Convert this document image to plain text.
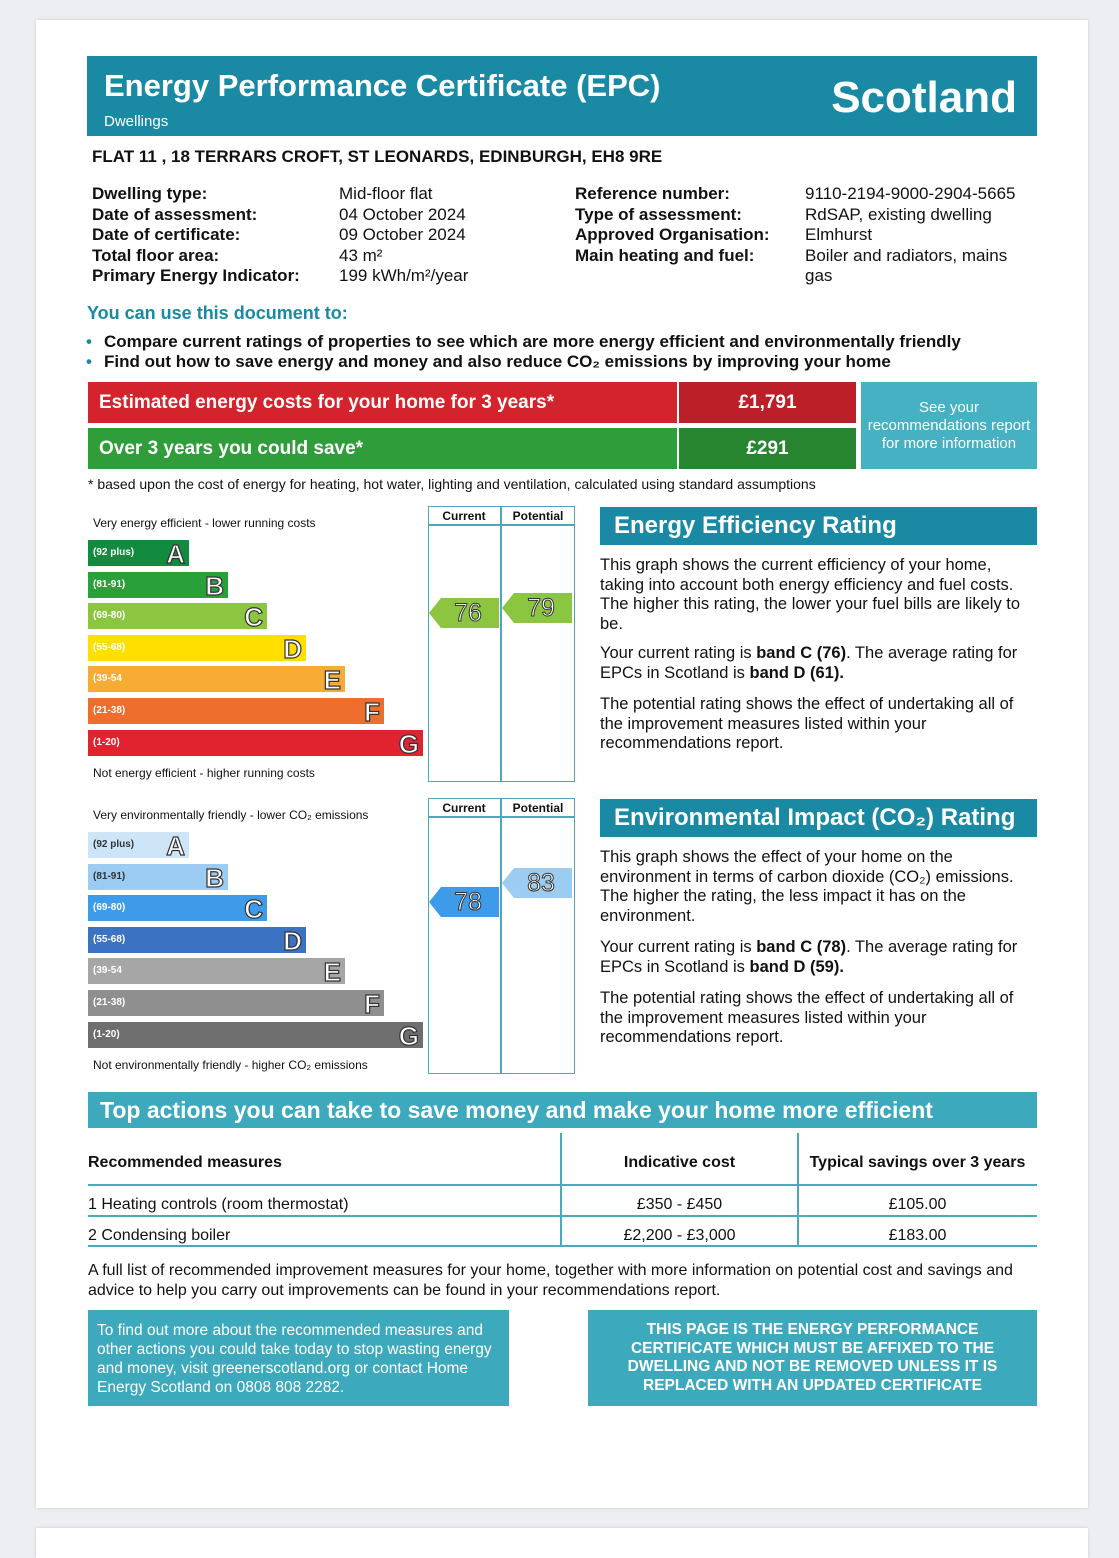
Energy Performance Certificate (EPC)
Dwellings	Scotland
FLAT 11 , 18 TERRARS CROFT, ST LEONARDS, EDINBURGH, EH8 9RE
Dwelling type:	Mid-floor flat
Date of assessment:	04 October 2024
Date of certificate:	09 October 2024
Total floor area:	43 m²
Primary Energy Indicator:	199 kWh/m²/year
Reference number:	9110-2194-9000-2904-5665
Type of assessment:	RdSAP, existing dwelling
Approved Organisation:	Elmhurst
Main heating and fuel:	Boiler and radiators, mains
gas
You can use this document to:
• Compare current ratings of properties to see which are more energy efficient and environmentally friendly
• Find out how to save energy and money and also reduce CO₂ emissions by improving your home
Estimated energy costs for your home for 3 years*	£1,791
Over 3 years you could save*	£291
See your recommendations report for more information
* based upon the cost of energy for heating, hot water, lighting and ventilation, calculated using standard assumptions
Current	Potential
Very energy efficient - lower running costs
Not energy efficient - higher running costs
(92 plus) A
(81-91)	B
(69-80)	C
(55-68)	D
(39-54	E
(21-38)	F
(1-20)	G
76	79
Current	Potential
Very environmentally friendly - lower CO₂ emissions
Not environmentally friendly - higher CO₂ emissions
(92 plus) A
(81-91)	B
(69-80)	C
(55-68)	D
(39-54	E
(21-38)	F
(1-20)	G
78
83
Energy Efficiency Rating
This graph shows the current efficiency of your home, taking into account both energy efficiency and fuel costs. The higher this rating, the lower your fuel bills are likely to be.
Your current rating is band C (76). The average rating for EPCs in Scotland is band D (61).
The potential rating shows the effect of undertaking all of the improvement measures listed within your recommendations report.
Environmental Impact (CO₂) Rating
This graph shows the effect of your home on the environment in terms of carbon dioxide (CO₂) emissions. The higher the rating, the less impact it has on the environment.
Your current rating is band C (78). The average rating for EPCs in Scotland is band D (59).
The potential rating shows the effect of undertaking all of the improvement measures listed within your recommendations report.
Top actions you can take to save money and make your home more efficient
Recommended measures	Indicative cost	Typical savings over 3 years
1 Heating controls (room thermostat)	£350 - £450	£105.00
2 Condensing boiler	£2,200 - £3,000	£183.00
A full list of recommended improvement measures for your home, together with more information on potential cost and savings and advice to help you carry out improvements can be found in your recommendations report.
To find out more about the recommended measures and other actions you could take today to stop wasting energy and money, visit greenerscotland.org or contact Home Energy Scotland on 0808 808 2282.
THIS PAGE IS THE ENERGY PERFORMANCE CERTIFICATE WHICH MUST BE AFFIXED TO THE DWELLING AND NOT BE REMOVED UNLESS IT IS REPLACED WITH AN UPDATED CERTIFICATE
